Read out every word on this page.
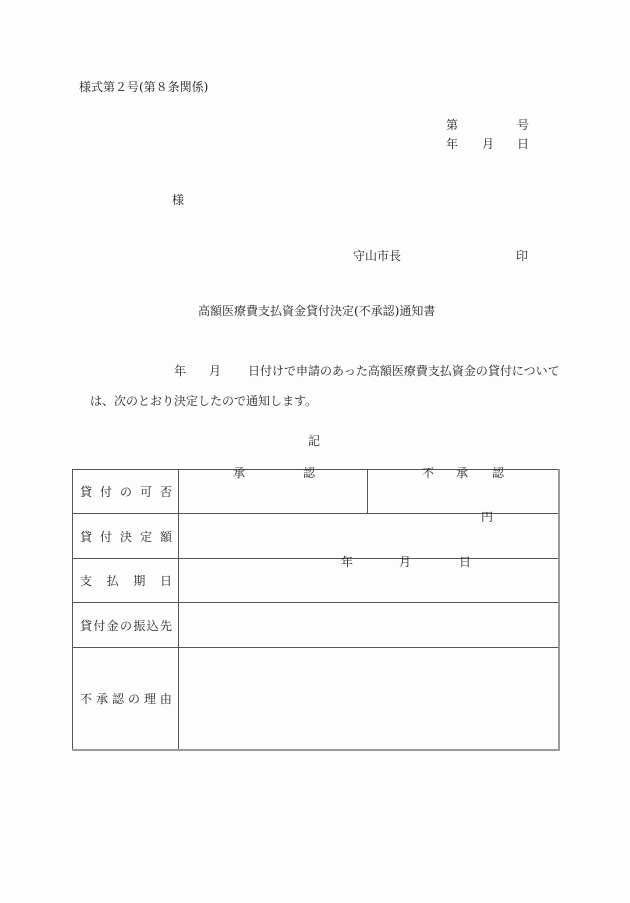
様式第２号(第８条関係)
第	号
年 月 日
様
守山市長	印
高額医療費支払資金貸付決定(不承認)通知書
年 月 日付けで申請のあった高額医療費支払資金の貸付について
は、次のとおり決定したので通知します。
記
貸 付 の 可 否	承 認	不 承 認

貸 付 決 定 額	円	

支 払 期 日	年 月 日	

貸 付 金 の 振 込 先

不 承 認 の 理 由
